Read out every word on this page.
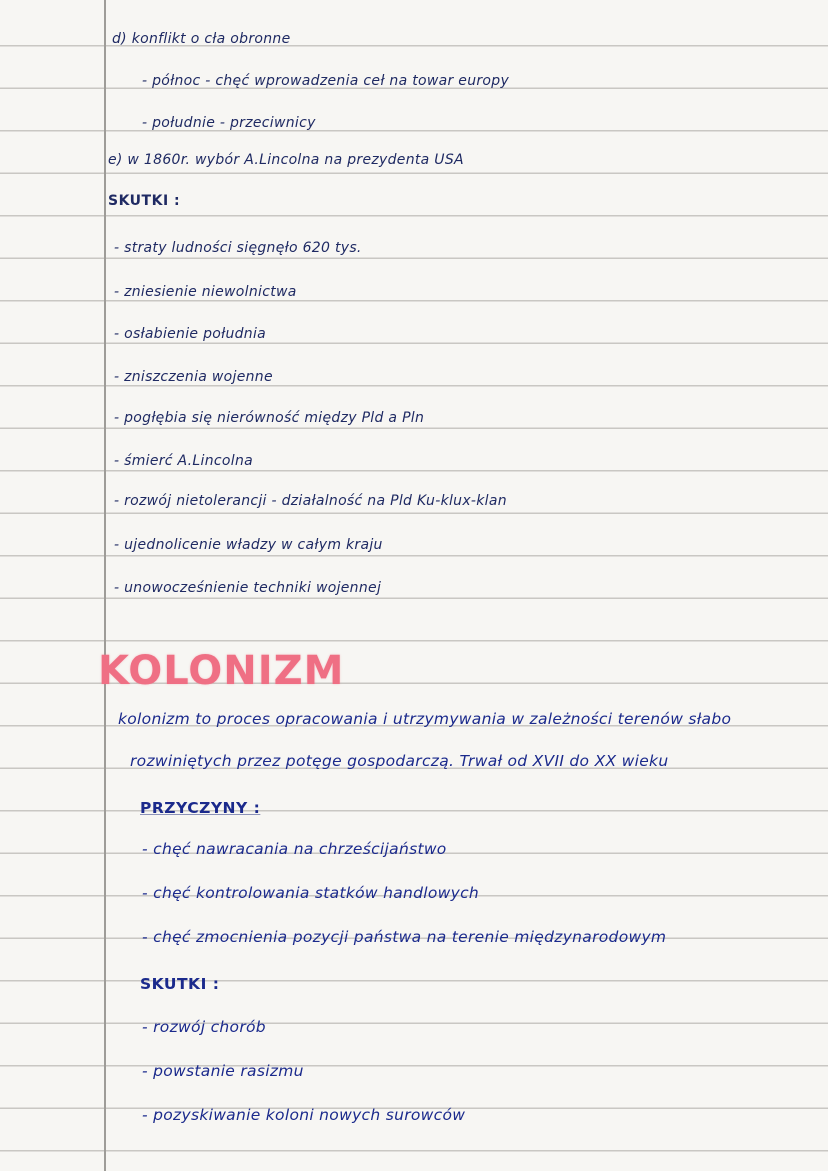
d) konflikt o cła obronne
- północ - chęć wprowadzenia ceł na towar europy
- południe - przeciwnicy
e) w 1860r. wybór A.Lincolna na prezydenta USA
SKUTKI :
- straty ludności sięgnęło 620 tys.
- zniesienie niewolnictwa
- osłabienie południa
- zniszczenia wojenne
- pogłębia się nierówność między Pld a Pln
- śmierć A.Lincolna
- rozwój nietolerancji - działalność na Pld Ku-klux-klan
- ujednolicenie władzy w całym kraju
- unowocześnienie techniki wojennej
KOLONIZM
kolonizm to proces opracowania i utrzymywania w zależności terenów słabo
rozwiniętych przez potęge gospodarczą. Trwał od XVII do XX wieku
PRZYCZYNY :
- chęć nawracania na chrześcijaństwo
- chęć kontrolowania statków handlowych
- chęć zmocnienia pozycji państwa na terenie międzynarodowym
SKUTKI :
- rozwój chorób
- powstanie rasizmu
- pozyskiwanie koloni nowych surowców
